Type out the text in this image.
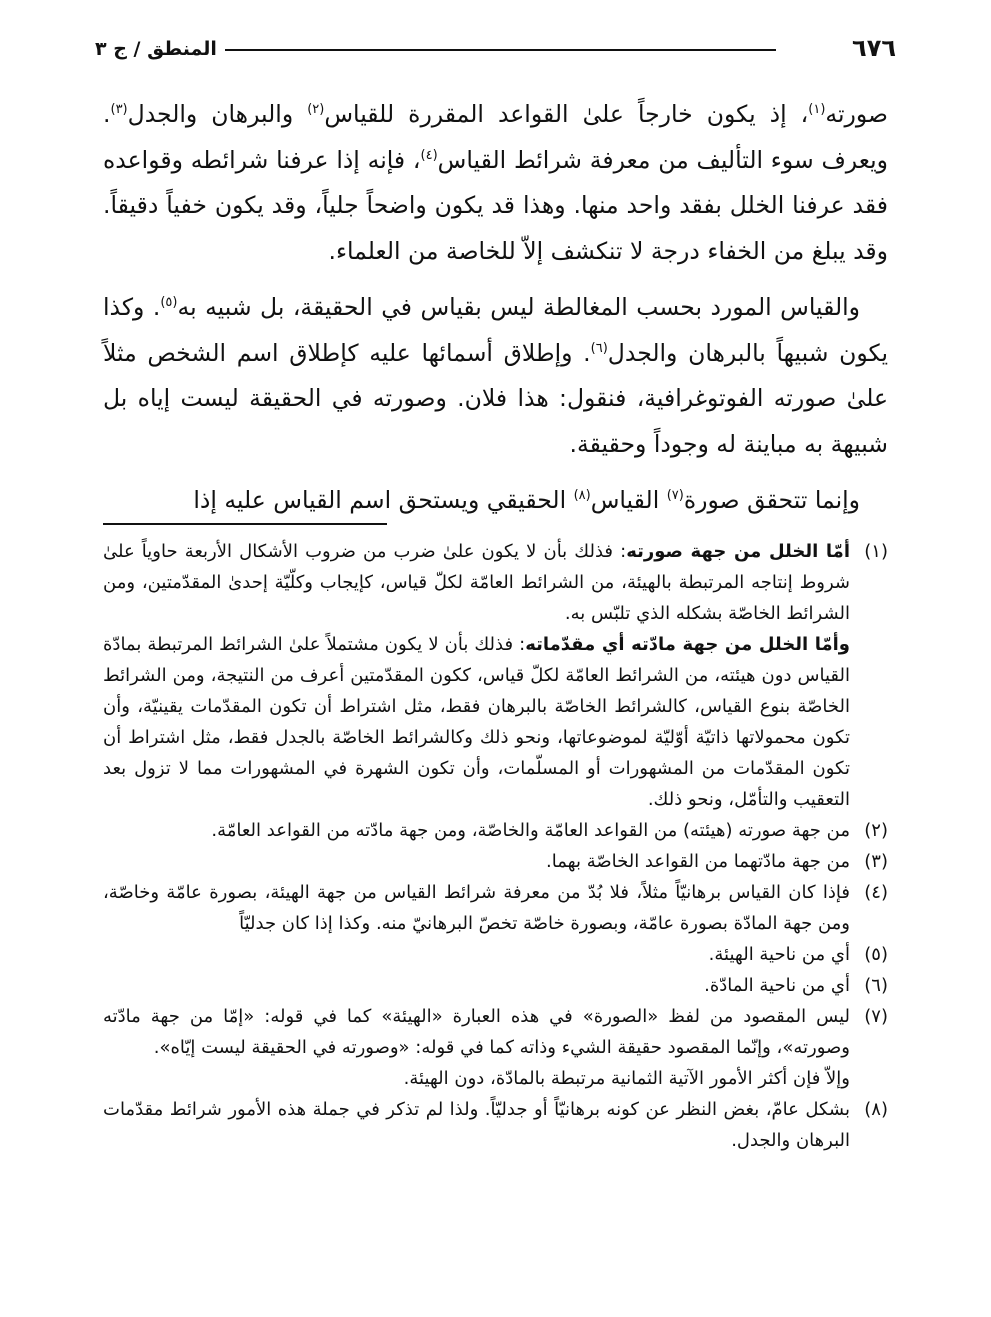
٦٧٦
المنطق / ج ٣

صورته$^{(١)}$، إذ يكون خارجاً علىٰ القواعد المقررة للقياس$^{(٢)}$ والبرهان والجدل$^{(٣)}$. ويعرف سوء التأليف من معرفة شرائط القياس$^{(٤)}$، فإنه إذا عرفنا شرائطه وقواعده فقد عرفنا الخلل بفقد واحد منها. وهذا قد يكون واضحاً جلياً، وقد يكون خفياً دقيقاً. وقد يبلغ من الخفاء درجة لا تنكشف إلاّ للخاصة من العلماء.

والقياس المورد بحسب المغالطة ليس بقياس في الحقيقة، بل شبيه به$^{(٥)}$. وكذا يكون شبيهاً بالبرهان والجدل$^{(٦)}$. وإطلاق أسمائها عليه كإطلاق اسم الشخص مثلاً علىٰ صورته الفوتوغرافية، فنقول: هذا فلان. وصورته في الحقيقة ليست إياه بل شبيهة به مباينة له وجوداً وحقيقة.

وإنما تتحقق صورة$^{(٧)}$ القياس$^{(٨)}$ الحقيقي ويستحق اسم القياس عليه إذا

(١)

أمّا الخلل من جهة صورته: فذلك بأن لا يكون علىٰ ضرب من ضروب الأشكال الأربعة حاوياً علىٰ شروط إنتاجه المرتبطة بالهيئة، من الشرائط العامّة لكلّ قياس، كإيجاب وكلّيّة إحدىٰ المقدّمتين، ومن الشرائط الخاصّة بشكله الذي تلبّس به.

وأمّا الخلل من جهة مادّته أي مقدّماته: فذلك بأن لا يكون مشتملاً علىٰ الشرائط المرتبطة بمادّة القياس دون هيئته، من الشرائط العامّة لكلّ قياس، ككون المقدّمتين أعرف من النتيجة، ومن الشرائط الخاصّة بنوع القياس، كالشرائط الخاصّة بالبرهان فقط، مثل اشتراط أن تكون المقدّمات يقينيّة، وأن تكون محمولاتها ذاتيّة أوّليّة لموضوعاتها، ونحو ذلك وكالشرائط الخاصّة بالجدل فقط، مثل اشتراط أن تكون المقدّمات من المشهورات أو المسلّمات، وأن تكون الشهرة في المشهورات مما لا تزول بعد التعقيب والتأمّل، ونحو ذلك.

(٢)
من جهة صورته (هيئته) من القواعد العامّة والخاصّة، ومن جهة مادّته من القواعد العامّة.
(٣)
من جهة مادّتهما من القواعد الخاصّة بهما.
(٤)
فإذا كان القياس برهانيّاً مثلاً، فلا بُدّ من معرفة شرائط القياس من جهة الهيئة، بصورة عامّة وخاصّة، ومن جهة المادّة بصورة عامّة، وبصورة خاصّة تخصّ البرهانيّ منه. وكذا إذا كان جدليّاً
(٥)
أي من ناحية الهيئة.
(٦)
أي من ناحية المادّة.
(٧)
ليس المقصود من لفظ «الصورة» في هذه العبارة «الهيئة» كما في قوله: «إمّا من جهة مادّته وصورته»، وإنّما المقصود حقيقة الشيء وذاته كما في قوله: «وصورته في الحقيقة ليست إيّاه».

وإلاّ فإن أكثر الأمور الآتية الثمانية مرتبطة بالمادّة، دون الهيئة.

(٨)
بشكل عامّ، بغض النظر عن كونه برهانيّاً أو جدليّاً. ولذا لم تذكر في جملة هذه الأمور شرائط مقدّمات البرهان والجدل.
